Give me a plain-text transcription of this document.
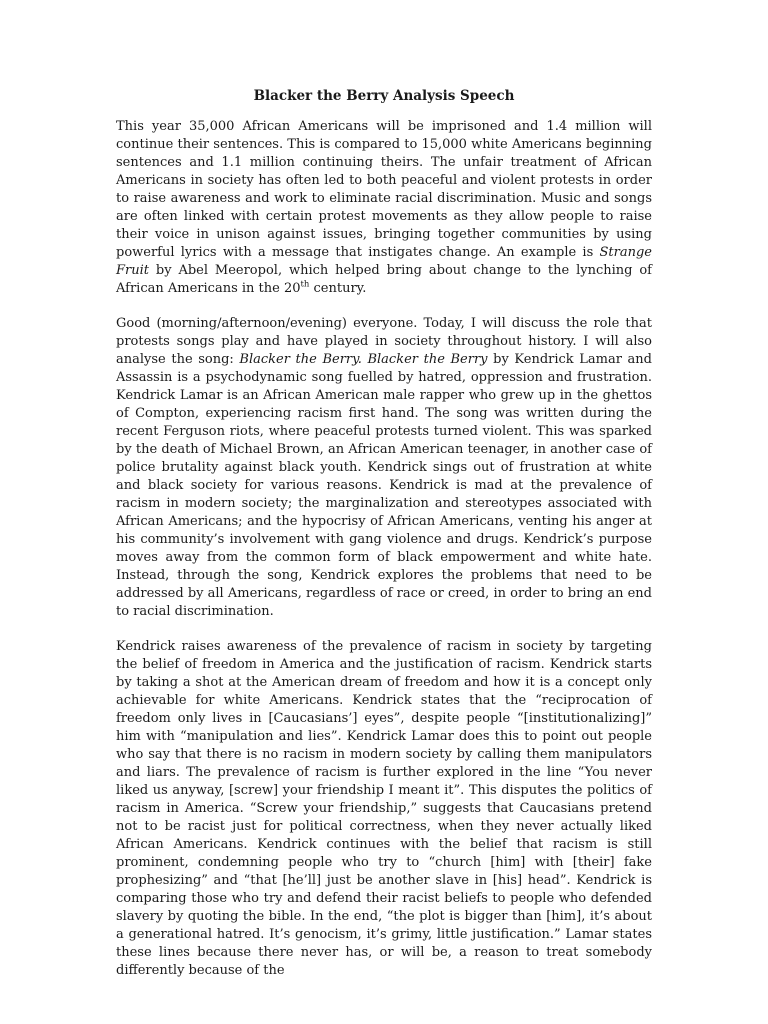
Blacker the Berry Analysis Speech

This year 35,000 African Americans will be imprisoned and 1.4 million will continue their sentences. This is compared to 15,000 white Americans beginning sentences and 1.1 million continuing theirs. The unfair treatment of African Americans in society has often led to both peaceful and violent protests in order to raise awareness and work to eliminate racial discrimination. Music and songs are often linked with certain protest movements as they allow people to raise their voice in unison against issues, bringing together communities by using powerful lyrics with a message that instigates change. An example is Strange Fruit by Abel Meeropol, which helped bring about change to the lynching of African Americans in the 20th century.

Good (morning/afternoon/evening) everyone. Today, I will discuss the role that protests songs play and have played in society throughout history. I will also analyse the song: Blacker the Berry. Blacker the Berry by Kendrick Lamar and Assassin is a psychodynamic song fuelled by hatred, oppression and frustration. Kendrick Lamar is an African American male rapper who grew up in the ghettos of Compton, experiencing racism first hand. The song was written during the recent Ferguson riots, where peaceful protests turned violent. This was sparked by the death of Michael Brown, an African American teenager, in another case of police brutality against black youth. Kendrick sings out of frustration at white and black society for various reasons. Kendrick is mad at the prevalence of racism in modern society; the marginalization and stereotypes associated with African Americans; and the hypocrisy of African Americans, venting his anger at his community’s involvement with gang violence and drugs. Kendrick’s purpose moves away from the common form of black empowerment and white hate. Instead, through the song, Kendrick explores the problems that need to be addressed by all Americans, regardless of race or creed, in order to bring an end to racial discrimination.

Kendrick raises awareness of the prevalence of racism in society by targeting the belief of freedom in America and the justification of racism. Kendrick starts by taking a shot at the American dream of freedom and how it is a concept only achievable for white Americans. Kendrick states that the “reciprocation of freedom only lives in [Caucasians’] eyes”, despite people “[institutionalizing]” him with “manipulation and lies”. Kendrick Lamar does this to point out people who say that there is no racism in modern society by calling them manipulators and liars. The prevalence of racism is further explored in the line “You never liked us anyway, [screw] your friendship I meant it”. This disputes the politics of racism in America. “Screw your friendship,” suggests that Caucasians pretend not to be racist just for political correctness, when they never actually liked African Americans. Kendrick continues with the belief that racism is still prominent, condemning people who try to “church [him] with [their] fake prophesizing” and “that [he’ll] just be another slave in [his] head”. Kendrick is comparing those who try and defend their racist beliefs to people who defended slavery by quoting the bible. In the end, “the plot is bigger than [him], it’s about a generational hatred. It’s genocism, it’s grimy, little justification.” Lamar states these lines because there never has, or will be, a reason to treat somebody differently because of the
